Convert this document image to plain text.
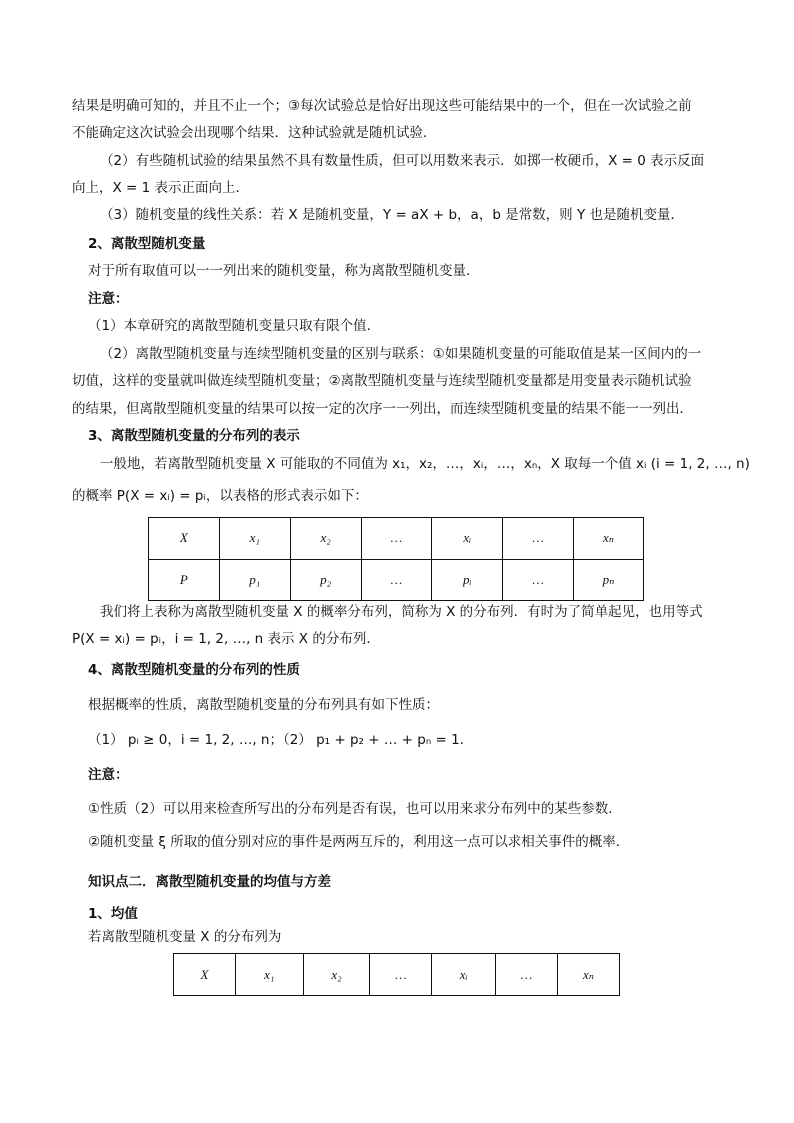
结果是明确可知的，并且不止一个；③每次试验总是恰好出现这些可能结果中的一个，但在一次试验之前
不能确定这次试验会出现哪个结果．这种试验就是随机试验．
（2）有些随机试验的结果虽然不具有数量性质，但可以用数来表示．如掷一枚硬币，X = 0 表示反面
向上，X = 1 表示正面向上．
（3）随机变量的线性关系：若 X 是随机变量，Y = aX + b，a，b 是常数，则 Y 也是随机变量．
2、离散型随机变量
对于所有取值可以一一列出来的随机变量，称为离散型随机变量．
注意：
（1）本章研究的离散型随机变量只取有限个值．
（2）离散型随机变量与连续型随机变量的区别与联系：①如果随机变量的可能取值是某一区间内的一
切值，这样的变量就叫做连续型随机变量；②离散型随机变量与连续型随机变量都是用变量表示随机试验
的结果，但离散型随机变量的结果可以按一定的次序一一列出，而连续型随机变量的结果不能一一列出．
3、离散型随机变量的分布列的表示
一般地，若离散型随机变量 X 可能取的不同值为 x₁，x₂，…，xᵢ，…，xₙ，X 取每一个值 xᵢ (i = 1, 2, …, n)
的概率 P(X = xᵢ) = pᵢ，以表格的形式表示如下：
X	x₁	x₂	…	xᵢ	…	xₙ
P	p₁	p₂	…	pᵢ	…	pₙ
我们将上表称为离散型随机变量 X 的概率分布列，简称为 X 的分布列．有时为了简单起见，也用等式
P(X = xᵢ) = pᵢ，i = 1, 2, …, n 表示 X 的分布列．
4、离散型随机变量的分布列的性质
根据概率的性质，离散型随机变量的分布列具有如下性质：
（1） pᵢ ≥ 0，i = 1, 2, …, n；（2） p₁ + p₂ + … + pₙ = 1．
注意：
①性质（2）可以用来检查所写出的分布列是否有误，也可以用来求分布列中的某些参数．
②随机变量 ξ 所取的值分别对应的事件是两两互斥的，利用这一点可以求相关事件的概率．
知识点二．离散型随机变量的均值与方差
1、均值
若离散型随机变量 X 的分布列为
X	x₁	x₂	…	xᵢ	…	xₙ
